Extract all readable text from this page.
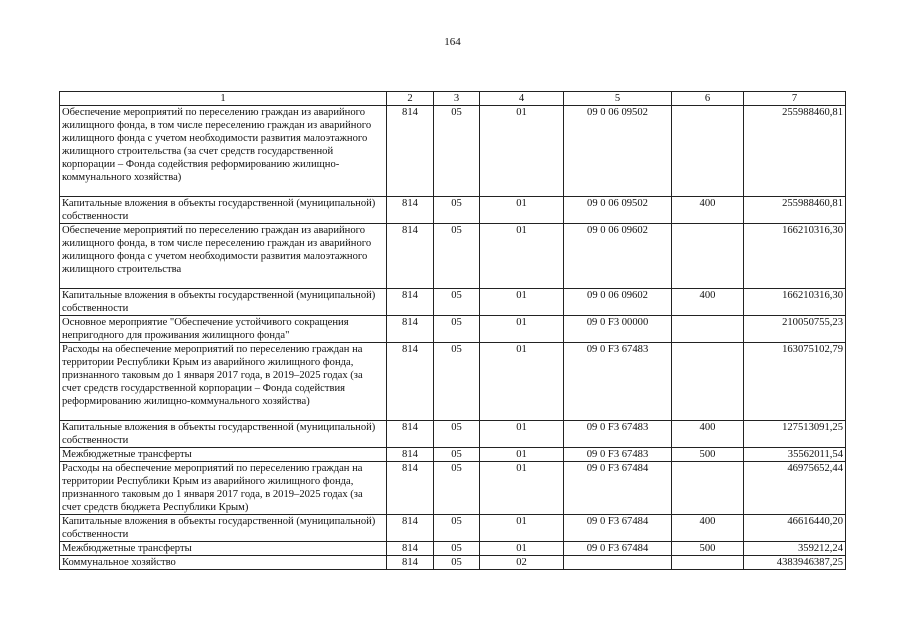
164
1	2	3	4	5	6	7
Обеспечение мероприятий по переселению граждан из аварийного жилищного фонда, в том числе переселению граждан из аварийного жилищного фонда с учетом необходимости развития малоэтажного жилищного строительства (за счет средств государственной корпорации – Фонда содействия реформированию жилищно-коммунального хозяйства)	814	05	01	09 0 06 09502		255988460,81
Капитальные вложения в объекты государственной (муниципальной) собственности	814	05	01	09 0 06 09502	400	255988460,81
Обеспечение мероприятий по переселению граждан из аварийного жилищного фонда, в том числе переселению граждан из аварийного жилищного фонда с учетом необходимости развития малоэтажного жилищного строительства	814	05	01	09 0 06 09602		166210316,30
Капитальные вложения в объекты государственной (муниципальной) собственности	814	05	01	09 0 06 09602	400	166210316,30
Основное мероприятие "Обеспечение устойчивого сокращения непригодного для проживания жилищного фонда"	814	05	01	09 0 F3 00000		210050755,23
Расходы на обеспечение мероприятий по переселению граждан на территории Республики Крым из аварийного жилищного фонда, признанного таковым до 1 января 2017 года, в 2019–2025 годах (за счет средств государственной корпорации – Фонда содействия реформированию жилищно-коммунального хозяйства)	814	05	01	09 0 F3 67483		163075102,79
Капитальные вложения в объекты государственной (муниципальной) собственности	814	05	01	09 0 F3 67483	400	127513091,25
Межбюджетные трансферты	814	05	01	09 0 F3 67483	500	35562011,54
Расходы на обеспечение мероприятий по переселению граждан на территории Республики Крым из аварийного жилищного фонда, признанного таковым до 1 января 2017 года, в 2019–2025 годах (за счет средств бюджета Республики Крым)	814	05	01	09 0 F3 67484		46975652,44
Капитальные вложения в объекты государственной (муниципальной) собственности	814	05	01	09 0 F3 67484	400	46616440,20
Межбюджетные трансферты	814	05	01	09 0 F3 67484	500	359212,24
Коммунальное хозяйство	814	05	02			4383946387,25
